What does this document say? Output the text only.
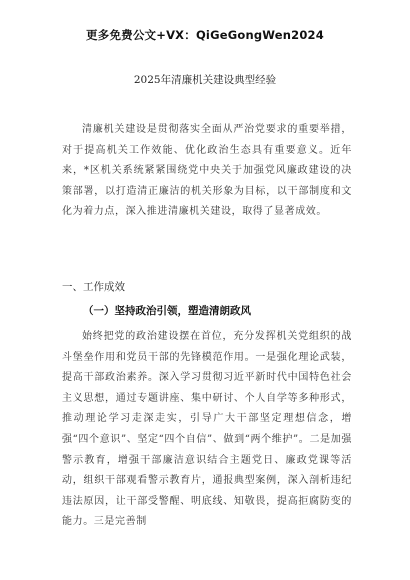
更多免费公文+VX：QiGeGongWen2024
2025年清廉机关建设典型经验

清廉机关建设是贯彻落实全面从严治党要求的重要举措，对于提高机关工作效能、优化政治生态具有重要意义。近年来，*区机关系统紧紧围绕党中央关于加强党风廉政建设的决策部署，以打造清正廉洁的机关形象为目标，以干部制度和文化为着力点，深入推进清廉机关建设，取得了显著成效。

一、工作成效
（一）坚持政治引领，塑造清朗政风

始终把党的政治建设摆在首位，充分发挥机关党组织的战斗堡垒作用和党员干部的先锋模范作用。一是强化理论武装，提高干部政治素养。深入学习贯彻习近平新时代中国特色社会主义思想，通过专题讲座、集中研讨、个人自学等多种形式，推动理论学习走深走实，引导广大干部坚定理想信念，增强“四个意识”、坚定“四个自信”、做到“两个维护”。二是加强警示教育，增强干部廉洁意识结合主题党日、廉政党课等活动，组织干部观看警示教育片，通报典型案例，深入剖析违纪违法原因，让干部受警醒、明底线、知敬畏，提高拒腐防变的能力。三是完善制
